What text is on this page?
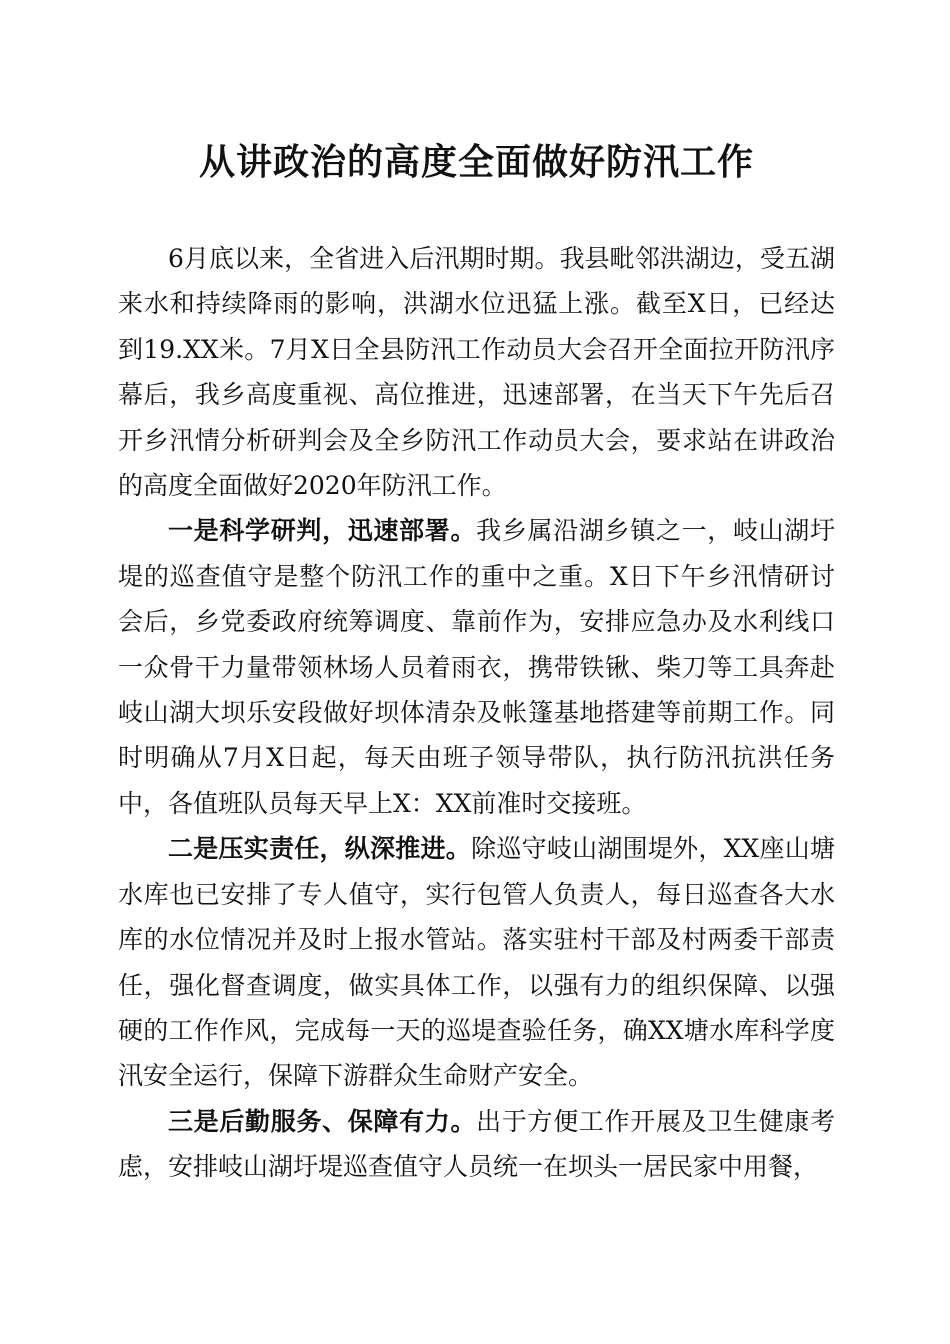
从讲政治的高度全面做好防汛工作

6月底以来，全省进入后汛期时期。我县毗邻洪湖边，受五湖来水和持续降雨的影响，洪湖水位迅猛上涨。截至X日，已经达到19.XX米。7月X日全县防汛工作动员大会召开全面拉开防汛序幕后，我乡高度重视、高位推进，迅速部署，在当天下午先后召开乡汛情分析研判会及全乡防汛工作动员大会，要求站在讲政治的高度全面做好2020年防汛工作。

一是科学研判，迅速部署。我乡属沿湖乡镇之一，岐山湖圩堤的巡查值守是整个防汛工作的重中之重。X日下午乡汛情研讨会后，乡党委政府统筹调度、靠前作为，安排应急办及水利线口一众骨干力量带领林场人员着雨衣，携带铁锹、柴刀等工具奔赴岐山湖大坝乐安段做好坝体清杂及帐篷基地搭建等前期工作。同时明确从7月X日起，每天由班子领导带队，执行防汛抗洪任务中，各值班队员每天早上X：XX前准时交接班。

二是压实责任，纵深推进。除巡守岐山湖围堤外，XX座山塘水库也已安排了专人值守，实行包管人负责人，每日巡查各大水库的水位情况并及时上报水管站。落实驻村干部及村两委干部责任，强化督查调度，做实具体工作，以强有力的组织保障、以强硬的工作作风，完成每一天的巡堤查验任务，确XX塘水库科学度汛安全运行，保障下游群众生命财产安全。

三是后勤服务、保障有力。出于方便工作开展及卫生健康考虑，安排岐山湖圩堤巡查值守人员统一在坝头一居民家中用餐，
